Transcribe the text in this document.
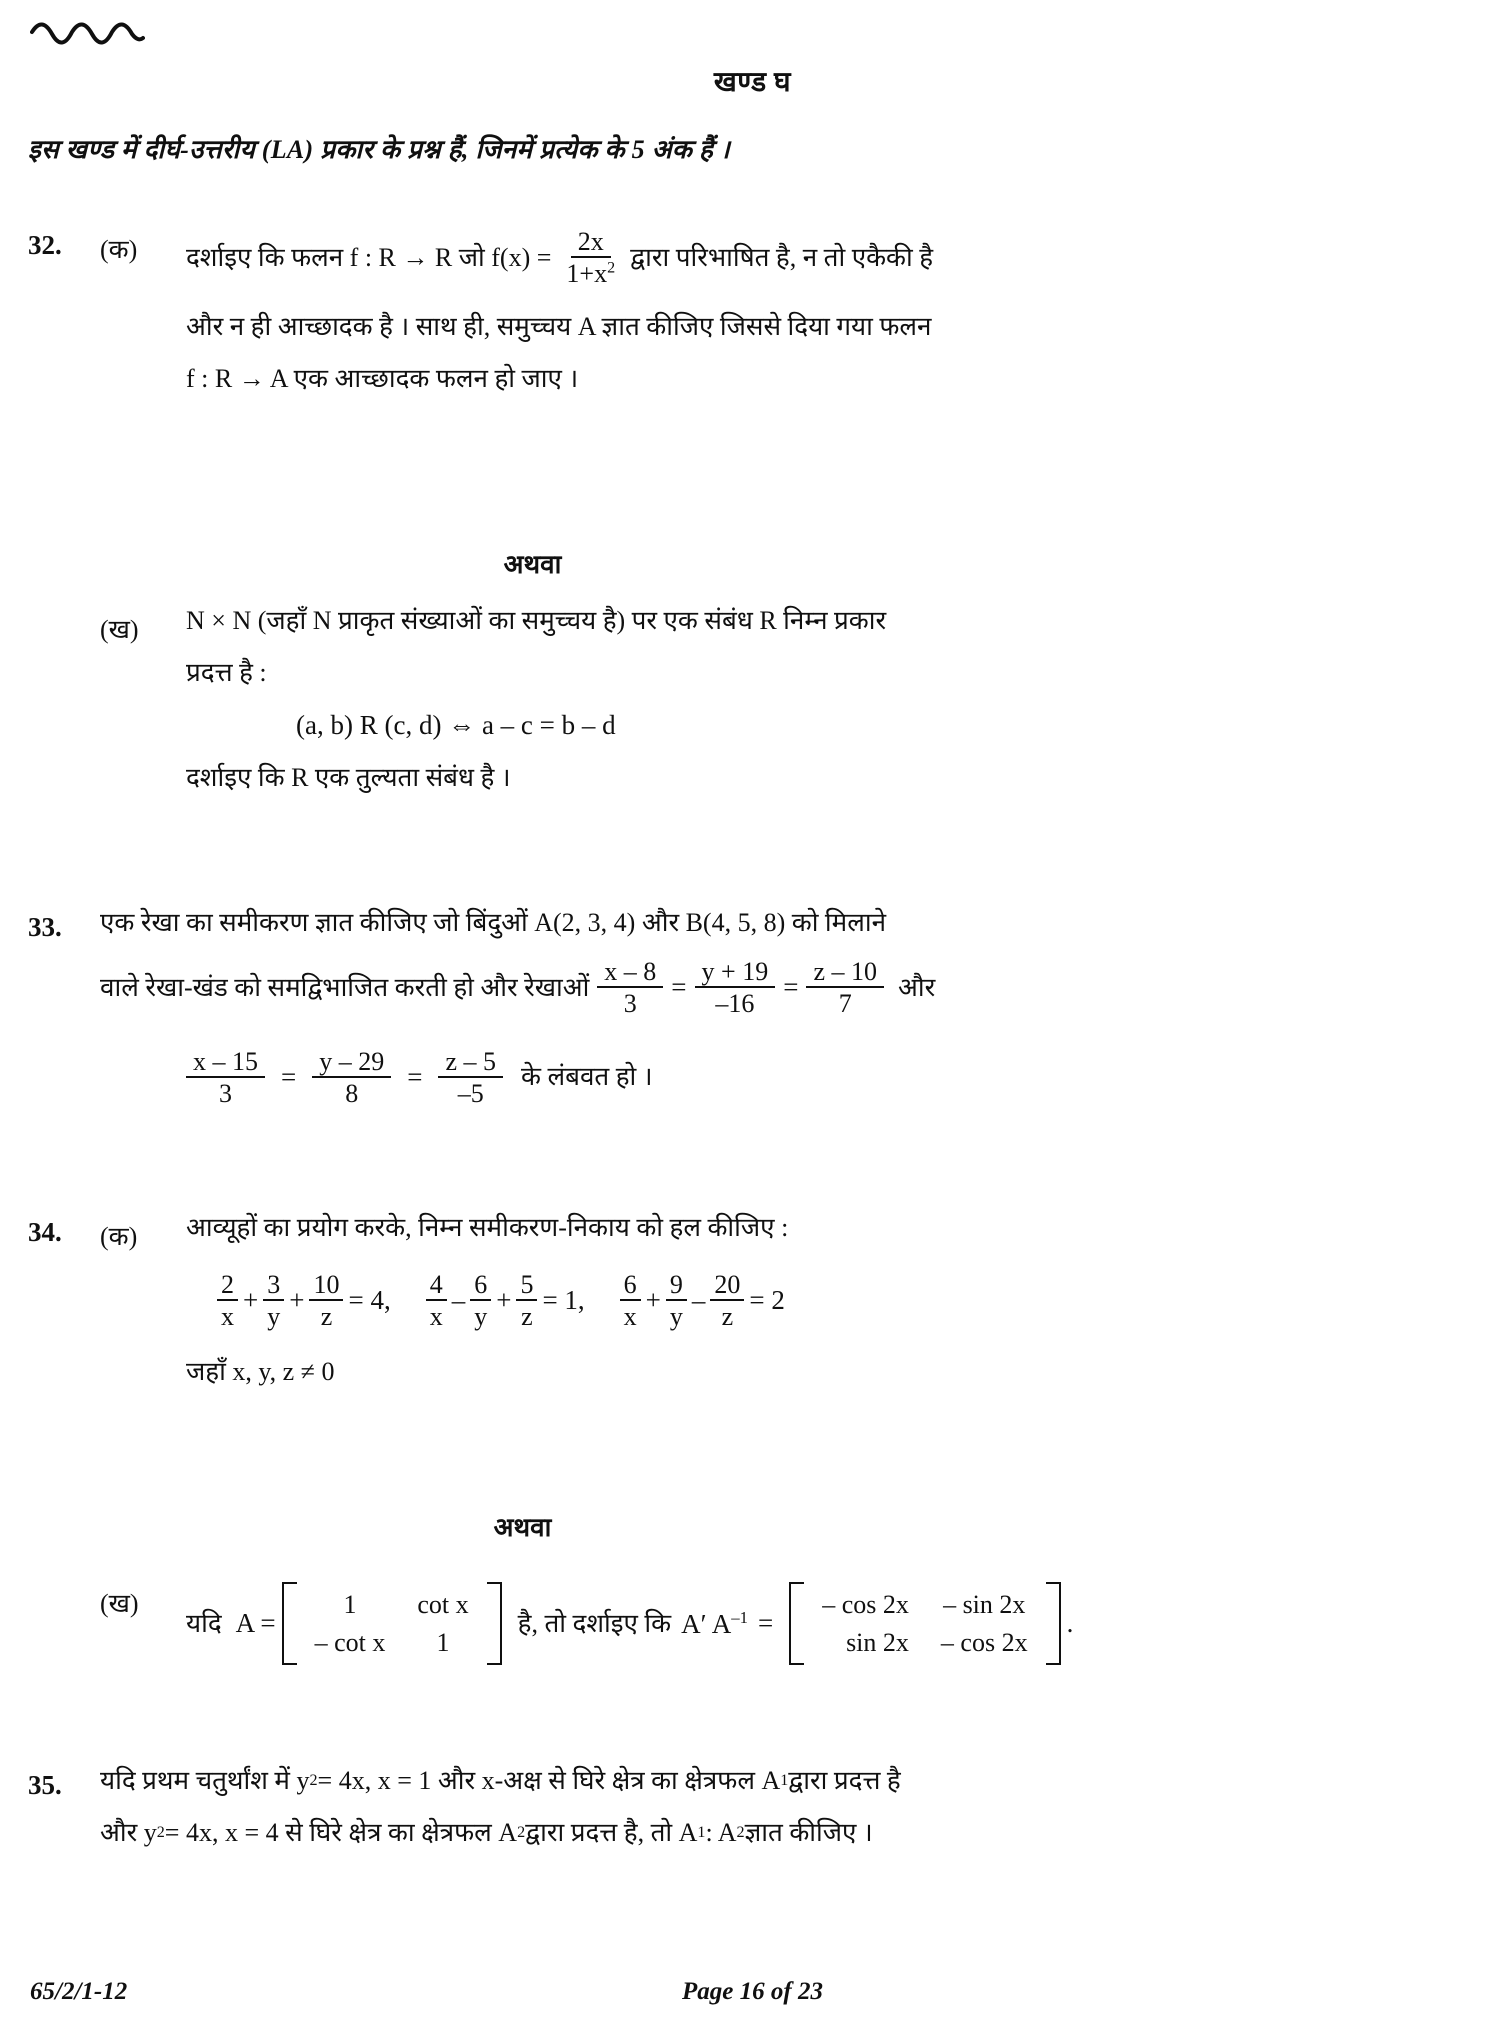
खण्ड घ
इस खण्ड में दीर्घ-उत्तरीय (LA) प्रकार के प्रश्न हैं, जिनमें प्रत्येक के 5 अंक हैं ।
32.	(क)	दर्शाइए कि फलन f : R → R जो $f(x) = \frac{2x}{1+x^2}$ द्वारा परिभाषित है, न तो एकैकी है
और न ही आच्छादक है । साथ ही, समुच्चय A ज्ञात कीजिए जिससे दिया गया फलन
f : R → A एक आच्छादक फलन हो जाए ।
अथवा
(ख)	N × N (जहाँ N प्राकृत संख्याओं का समुच्चय है) पर एक संबंध R निम्न प्रकार
प्रदत्त है :
(a, b) R (c, d) ⇔ a – c = b – d
दर्शाइए कि R एक तुल्यता संबंध है ।
33.	एक रेखा का समीकरण ज्ञात कीजिए जो बिंदुओं A(2, 3, 4) और B(4, 5, 8) को मिलाने
वाले रेखा-खंड को समद्विभाजित करती हो और रेखाओं $\frac{x - 8}{3} = \frac{y + 19}{-16} = \frac{z - 10}{7}$ और
$\frac{x - 15}{3} = \frac{y - 29}{8} = \frac{z - 5}{-5}$ के लंबवत हो ।
34.	(क)	आव्यूहों का प्रयोग करके, निम्न समीकरण-निकाय को हल कीजिए :
$\frac{2}{x} + \frac{3}{y} + \frac{10}{z} = 4$ , $\frac{4}{x} - \frac{6}{y} + \frac{5}{z} = 1$ , $\frac{6}{x} + \frac{9}{y} - \frac{20}{z} = 2$
जहाँ x, y, z ≠ 0
अथवा
(ख)
यदि A =
1	cot x
– cot x	1
है, तो दर्शाइए कि A′ $A^{-1}$ =
– cos 2x	– sin 2x
sin 2x	– cos 2x
.
35.	यदि प्रथम चतुर्थांश में y 2 = 4x, x = 1 और x-अक्ष से घिरे क्षेत्र का क्षेत्रफल A 1 द्वारा प्रदत्त है
और y 2 = 4x, x = 4 से घिरे क्षेत्र का क्षेत्रफल A 2 द्वारा प्रदत्त है, तो A 1 : A 2 ज्ञात कीजिए ।
65/2/1-12	Page 16 of 23
